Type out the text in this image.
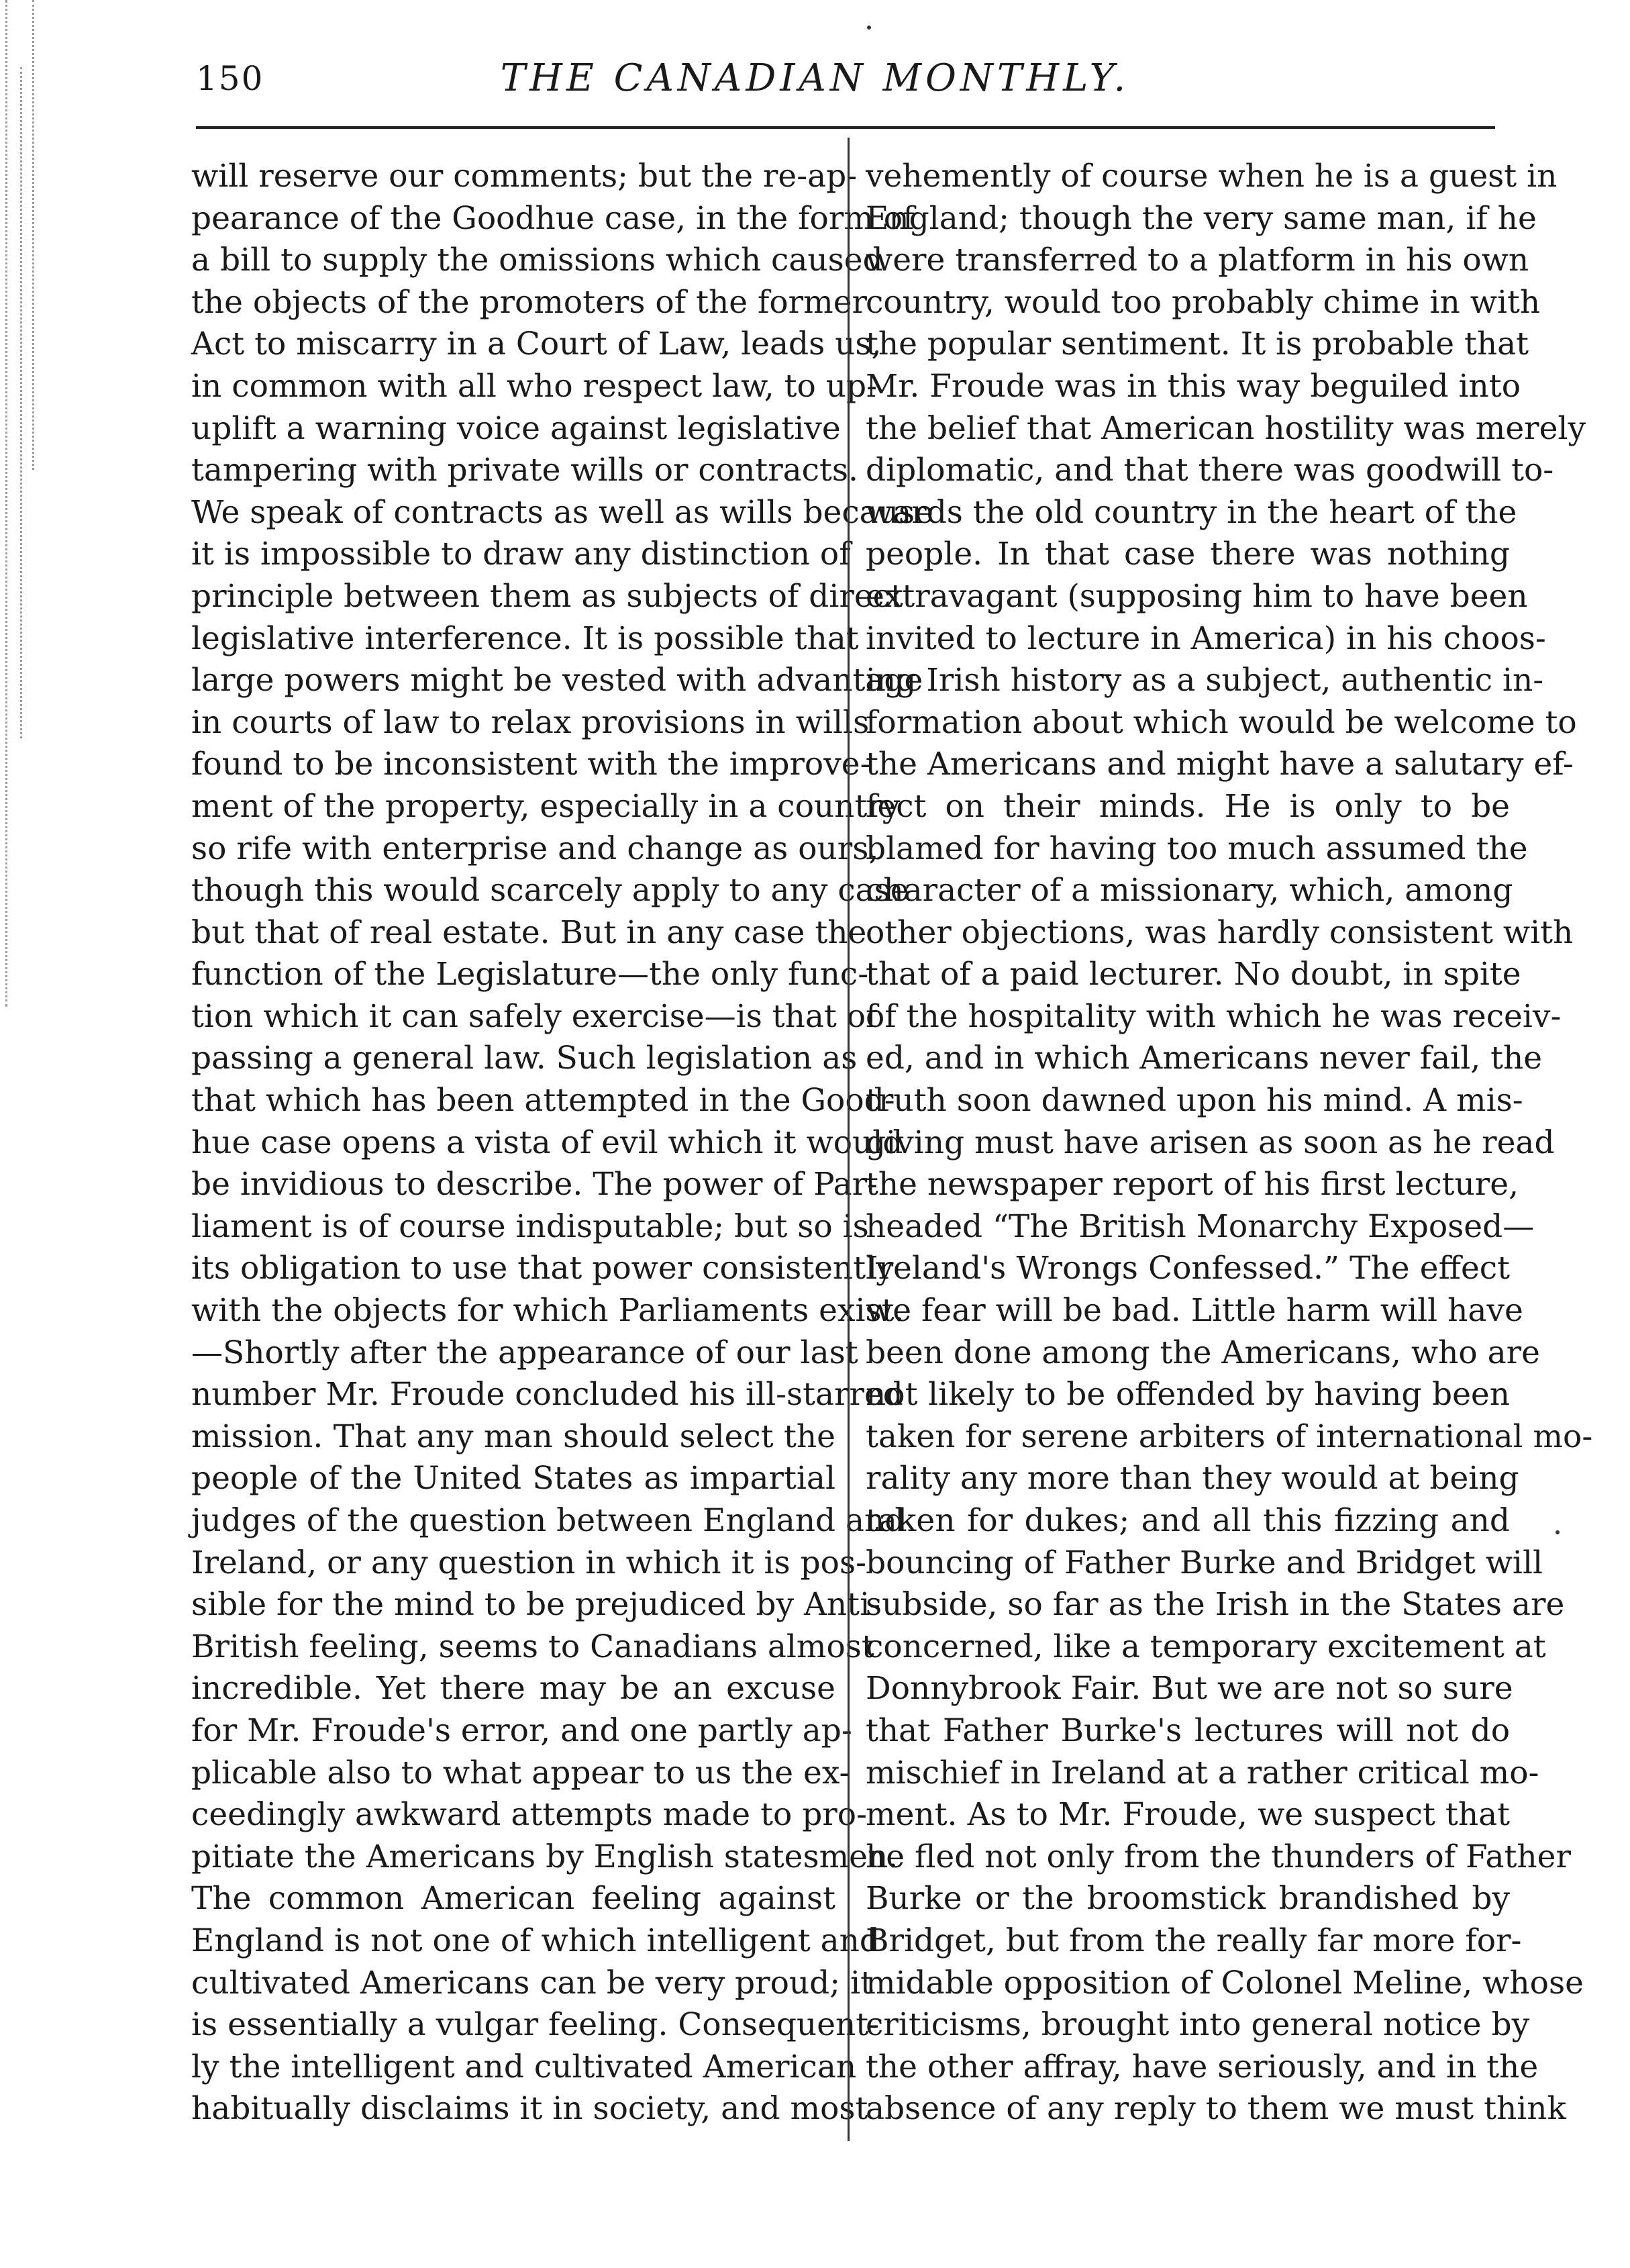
150	THE CANADIAN MONTHLY.
will reserve our comments; but the re-ap-
pearance of the Goodhue case, in the form of
a bill to supply the omissions which caused
the objects of the promoters of the former
Act to miscarry in a Court of Law, leads us,
in common with all who respect law, to up-
uplift a warning voice against legislative
tampering with private wills or contracts.
We speak of contracts as well as wills because
it is impossible to draw any distinction of
principle between them as subjects of direct
legislative interference. It is possible that
large powers might be vested with advantage
in courts of law to relax provisions in wills
found to be inconsistent with the improve-
ment of the property, especially in a country
so rife with enterprise and change as ours,
though this would scarcely apply to any case
but that of real estate. But in any case the
function of the Legislature—the only func-
tion which it can safely exercise—is that of
passing a general law. Such legislation as
that which has been attempted in the Good-
hue case opens a vista of evil which it would
be invidious to describe. The power of Par-
liament is of course indisputable; but so is
its obligation to use that power consistently
with the objects for which Parliaments exist.
—Shortly after the appearance of our last
number Mr. Froude concluded his ill-starred
mission. That any man should select the
people of the United States as impartial
judges of the question between England and
Ireland, or any question in which it is pos-
sible for the mind to be prejudiced by Anti-
British feeling, seems to Canadians almost
incredible. Yet there may be an excuse
for Mr. Froude's error, and one partly ap-
plicable also to what appear to us the ex-
ceedingly awkward attempts made to pro-
pitiate the Americans by English statesmen.
The common American feeling against
England is not one of which intelligent and
cultivated Americans can be very proud; it
is essentially a vulgar feeling. Consequent-
ly the intelligent and cultivated American
habitually disclaims it in society, and most
vehemently of course when he is a guest in
England; though the very same man, if he
were transferred to a platform in his own
country, would too probably chime in with
the popular sentiment. It is probable that
Mr. Froude was in this way beguiled into
the belief that American hostility was merely
diplomatic, and that there was goodwill to-
wards the old country in the heart of the
people. In that case there was nothing
extravagant (supposing him to have been
invited to lecture in America) in his choos-
ing Irish history as a subject, authentic in-
formation about which would be welcome to
the Americans and might have a salutary ef-
fect on their minds. He is only to be
blamed for having too much assumed the
character of a missionary, which, among
other objections, was hardly consistent with
that of a paid lecturer. No doubt, in spite
of the hospitality with which he was receiv-
ed, and in which Americans never fail, the
truth soon dawned upon his mind. A mis-
giving must have arisen as soon as he read
the newspaper report of his first lecture,
headed “The British Monarchy Exposed—
Ireland's Wrongs Confessed.” The effect
we fear will be bad. Little harm will have
been done among the Americans, who are
not likely to be offended by having been
taken for serene arbiters of international mo-
rality any more than they would at being
taken for dukes; and all this fizzing and
bouncing of Father Burke and Bridget will
subside, so far as the Irish in the States are
concerned, like a temporary excitement at
Donnybrook Fair. But we are not so sure
that Father Burke's lectures will not do
mischief in Ireland at a rather critical mo-
ment. As to Mr. Froude, we suspect that
he fled not only from the thunders of Father
Burke or the broomstick brandished by
Bridget, but from the really far more for-
midable opposition of Colonel Meline, whose
criticisms, brought into general notice by
the other affray, have seriously, and in the
absence of any reply to them we must think
